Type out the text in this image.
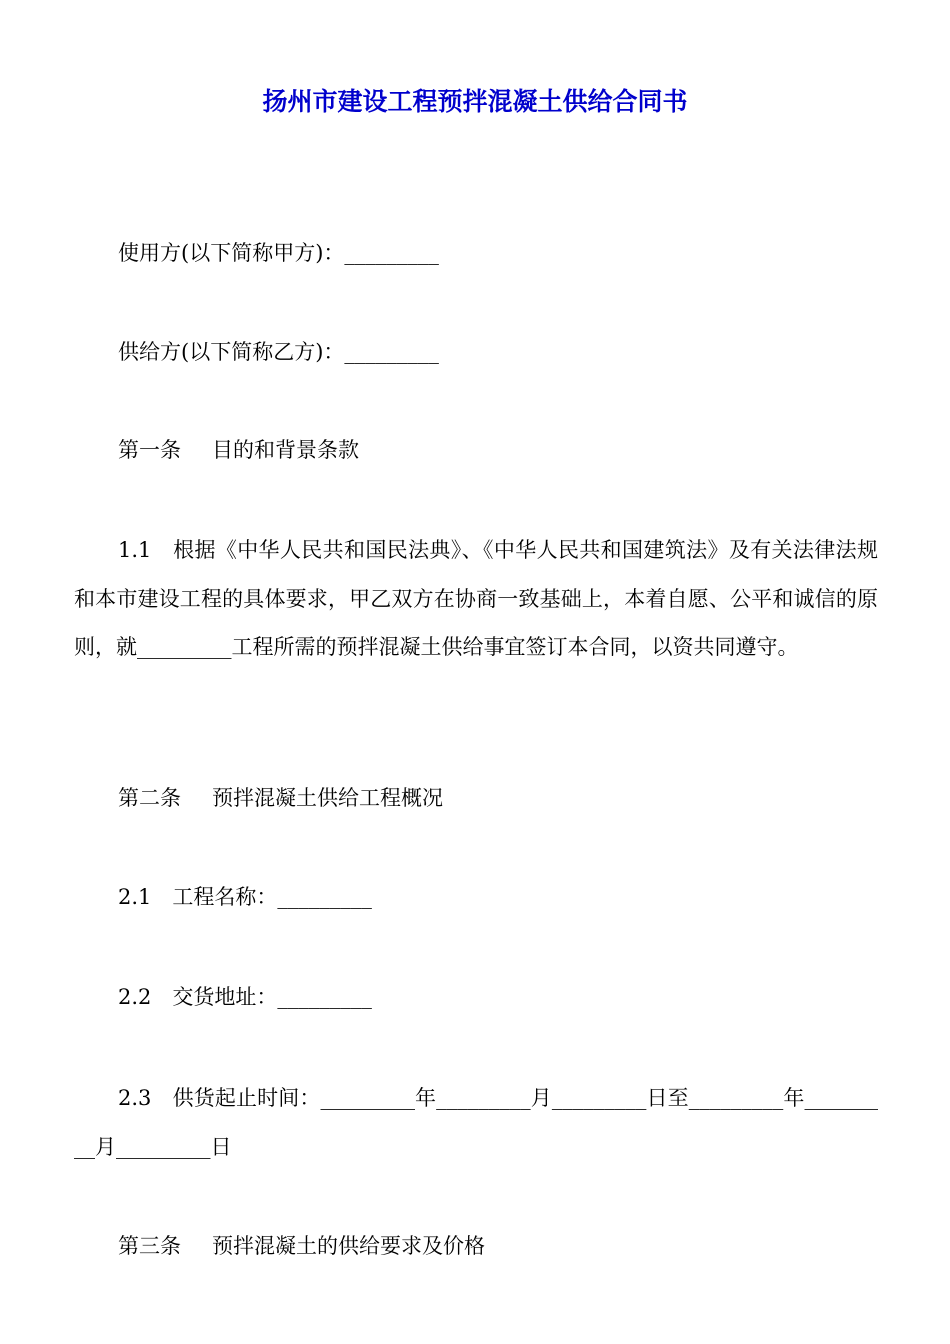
扬州市建设工程预拌混凝土供给合同书

使用方(以下简称甲方)：_________

供给方(以下简称乙方)：_________

第一条　 目的和背景条款

1.1　根据《中华人民共和国民法典》、《中华人民共和国建筑法》及有关法律法规和本市建设工程的具体要求，甲乙双方在协商一致基础上，本着自愿、公平和诚信的原则，就_________工程所需的预拌混凝土供给事宜签订本合同，以资共同遵守。

第二条　 预拌混凝土供给工程概况

2.1　工程名称：_________

2.2　交货地址：_________

2.3　供货起止时间：_________年_________月_________日至_________年_________月_________日

第三条　 预拌混凝土的供给要求及价格
